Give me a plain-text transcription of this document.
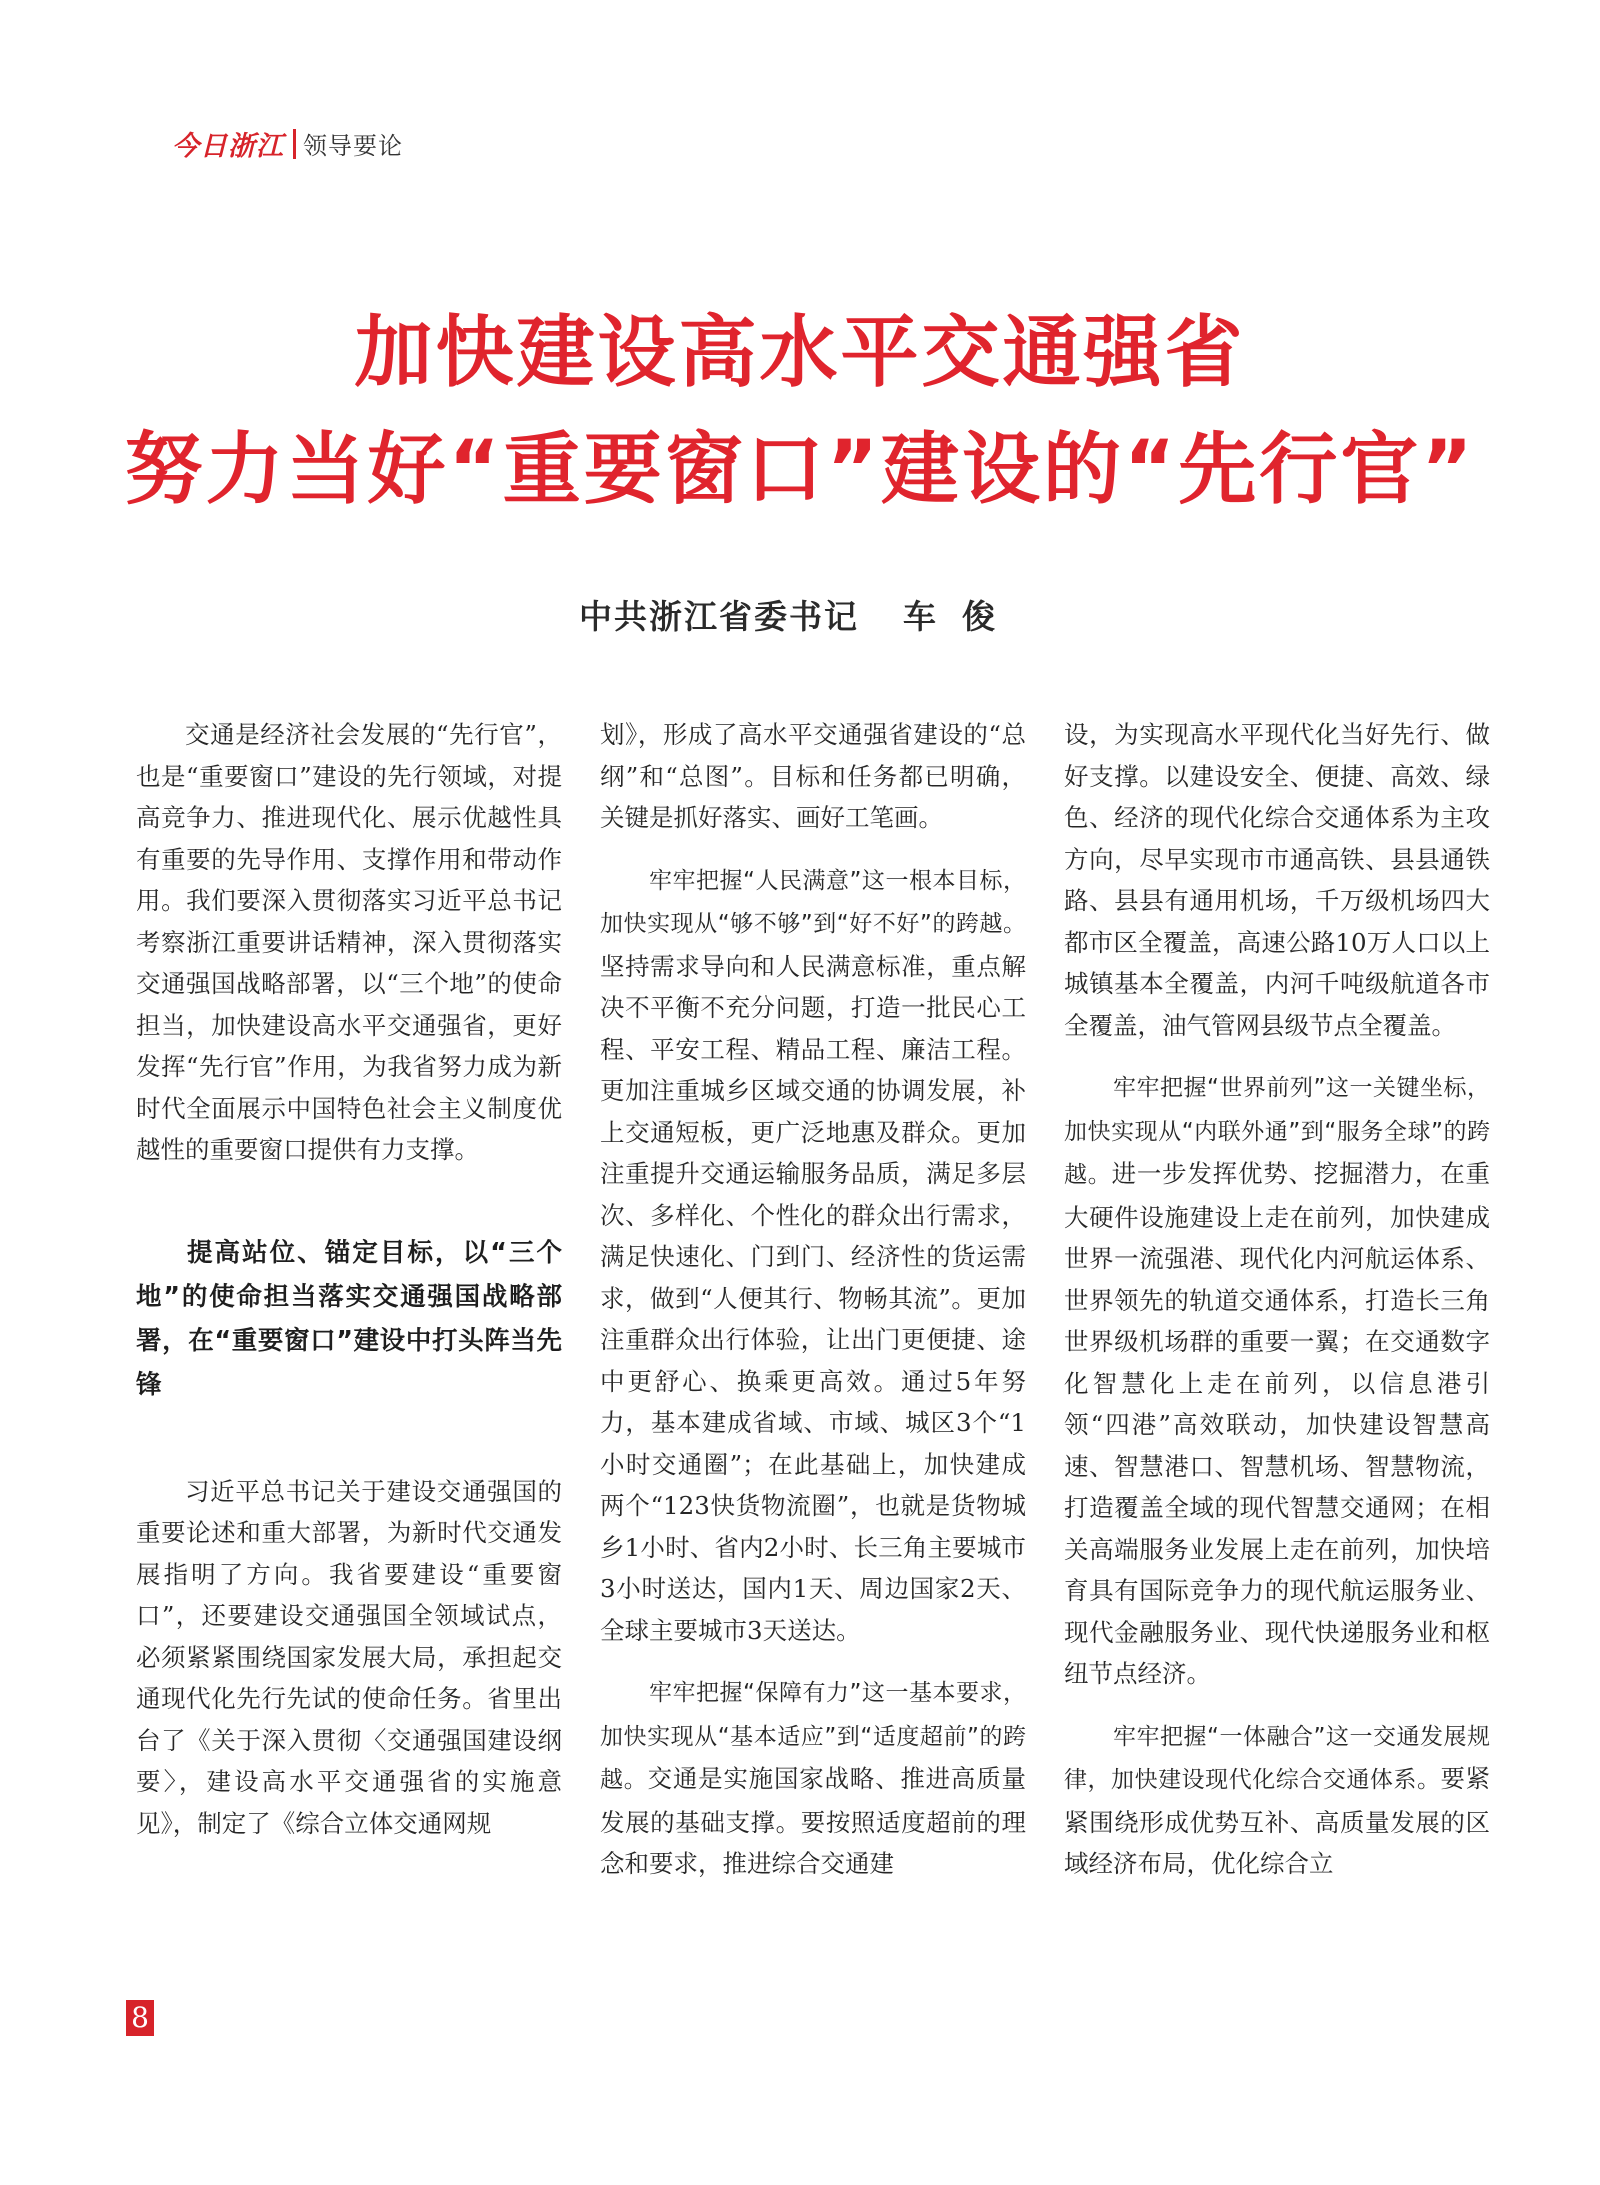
今日浙江 领导要论
加快建设高水平交通强省
努力当好“重要窗口”建设的“先行官”
中共浙江省委书记 车俊

交通是经济社会发展的“先行官”，也是“重要窗口”建设的先行领域，对提高竞争力、推进现代化、展示优越性具有重要的先导作用、支撑作用和带动作用。我们要深入贯彻落实习近平总书记考察浙江重要讲话精神，深入贯彻落实交通强国战略部署，以“三个地”的使命担当，加快建设高水平交通强省，更好发挥“先行官”作用，为我省努力成为新时代全面展示中国特色社会主义制度优越性的重要窗口提供有力支撑。

提高站位、锚定目标，以“三个地”的使命担当落实交通强国战略部署，在“重要窗口”建设中打头阵当先锋

习近平总书记关于建设交通强国的重要论述和重大部署，为新时代交通发展指明了方向。我省要建设“重要窗口”，还要建设交通强国全领域试点，必须紧紧围绕国家发展大局，承担起交通现代化先行先试的使命任务。省里出台了《关于深入贯彻〈交通强国建设纲要〉，建设高水平交通强省的实施意见》，制定了《综合立体交通网规

划》，形成了高水平交通强省建设的“总纲”和“总图”。目标和任务都已明确，关键是抓好落实、画好工笔画。

牢牢把握“人民满意”这一根本目标，加快实现从“够不够”到“好不好”的跨越。坚持需求导向和人民满意标准，重点解决不平衡不充分问题，打造一批民心工程、平安工程、精品工程、廉洁工程。更加注重城乡区域交通的协调发展，补上交通短板，更广泛地惠及群众。更加注重提升交通运输服务品质，满足多层次、多样化、个性化的群众出行需求，满足快速化、门到门、经济性的货运需求，做到“人便其行、物畅其流”。更加注重群众出行体验，让出门更便捷、途中更舒心、换乘更高效。通过5年努力，基本建成省域、市域、城区3个“1小时交通圈”；在此基础上，加快建成两个“123快货物流圈”，也就是货物城乡1小时、省内2小时、长三角主要城市3小时送达，国内1天、周边国家2天、全球主要城市3天送达。

牢牢把握“保障有力”这一基本要求，加快实现从“基本适应”到“适度超前”的跨越。交通是实施国家战略、推进高质量发展的基础支撑。要按照适度超前的理念和要求，推进综合交通建

设，为实现高水平现代化当好先行、做好支撑。以建设安全、便捷、高效、绿色、经济的现代化综合交通体系为主攻方向，尽早实现市市通高铁、县县通铁路、县县有通用机场，千万级机场四大都市区全覆盖，高速公路10万人口以上城镇基本全覆盖，内河千吨级航道各市全覆盖，油气管网县级节点全覆盖。

牢牢把握“世界前列”这一关键坐标，加快实现从“内联外通”到“服务全球”的跨越。进一步发挥优势、挖掘潜力，在重大硬件设施建设上走在前列，加快建成世界一流强港、现代化内河航运体系、世界领先的轨道交通体系，打造长三角世界级机场群的重要一翼；在交通数字化智慧化上走在前列，以信息港引领“四港”高效联动，加快建设智慧高速、智慧港口、智慧机场、智慧物流，打造覆盖全域的现代智慧交通网；在相关高端服务业发展上走在前列，加快培育具有国际竞争力的现代航运服务业、现代金融服务业、现代快递服务业和枢纽节点经济。

牢牢把握“一体融合”这一交通发展规律，加快建设现代化综合交通体系。要紧紧围绕形成优势互补、高质量发展的区域经济布局，优化综合立

8
